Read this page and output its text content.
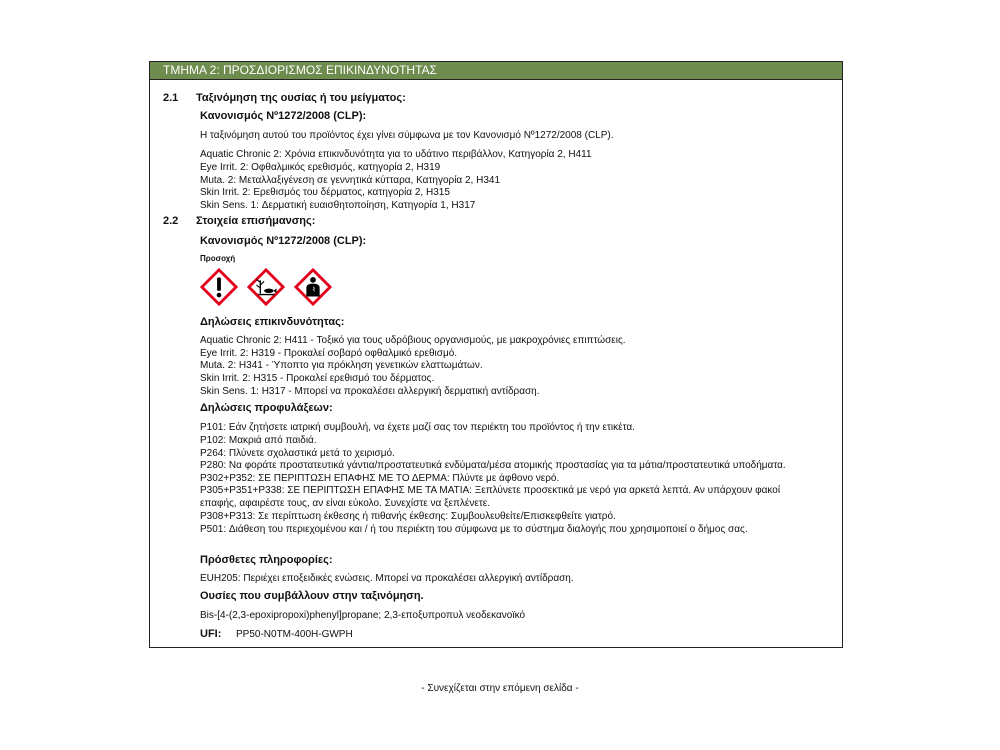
ΤΜΗΜΑ 2: ΠΡΟΣΔΙΟΡΙΣΜΟΣ ΕΠΙΚΙΝΔΥΝΟΤΗΤΑΣ
2.1 Ταξινόμηση της ουσίας ή του μείγματος:
Κανονισμός Nº1272/2008 (CLP):
Η ταξινόμηση αυτού του προϊόντος έχει γίνει σύμφωνα με τον Κανονισμό Nº1272/2008 (CLP).
Aquatic Chronic 2: Χρόνια επικινδυνότητα για το υδάτινο περιβάλλον, Κατηγορία 2, H411
Eye Irrit. 2: Οφθαλμικός ερεθισμός, κατηγορία 2, H319
Muta. 2: Μεταλλαξιγένεση σε γεννητικά κύτταρα, Κατηγορία 2, H341
Skin Irrit. 2: Ερεθισμός του δέρματος, κατηγορία 2, H315
Skin Sens. 1: Δερματική ευαισθητοποίηση, Κατηγορία 1, H317
2.2 Στοιχεία επισήμανσης:
Κανονισμός Nº1272/2008 (CLP):
Προσοχή
Δηλώσεις επικινδυνότητας:
Aquatic Chronic 2: H411 - Τοξικό για τους υδρόβιους οργανισμούς, με μακροχρόνιες επιπτώσεις.
Eye Irrit. 2: H319 - Προκαλεί σοβαρό οφθαλμικό ερεθισμό.
Muta. 2: H341 - Ύποπτο για πρόκληση γενετικών ελαττωμάτων.
Skin Irrit. 2: H315 - Προκαλεί ερεθισμό του δέρματος.
Skin Sens. 1: H317 - Μπορεί να προκαλέσει αλλεργική δερματική αντίδραση.
Δηλώσεις προφυλάξεων:
P101: Εάν ζητήσετε ιατρική συμβουλή, να έχετε μαζί σας τον περιέκτη του προϊόντος ή την ετικέτα.
P102: Μακριά από παιδιά.
P264: Πλύνετε σχολαστικά μετά το χειρισμό.
P280: Να φοράτε προστατευτικά γάντια/προστατευτικά ενδύματα/μέσα ατομικής προστασίας για τα μάτια/προστατευτικά υποδήματα.
P302+P352: ΣΕ ΠΕΡΙΠΤΩΣΗ ΕΠΑΦΗΣ ΜΕ ΤΟ ΔΕΡΜΑ: Πλύντε με άφθονο νερό.
P305+P351+P338: ΣΕ ΠΕΡΙΠΤΩΣΗ ΕΠΑΦΗΣ ΜΕ ΤΑ ΜΑΤΙΑ: Ξεπλύνετε προσεκτικά με νερό για αρκετά λεπτά. Αν υπάρχουν φακοί
επαφής, αφαιρέστε τους, αν είναι εύκολο. Συνεχίστε να ξεπλένετε.
P308+P313: Σε περίπτωση έκθεσης ή πιθανής έκθεσης: Συμβουλευθείτε/Επισκεφθείτε γιατρό.
P501: Διάθεση του περιεχομένου και / ή του περιέκτη του σύμφωνα με το σύστημα διαλογής που χρησιμοποιεί ο δήμος σας.
Πρόσθετες πληροφορίες:
EUH205: Περιέχει εποξειδικές ενώσεις. Μπορεί να προκαλέσει αλλεργική αντίδραση.
Ουσίες που συμβάλλουν στην ταξινόμηση.
Bis-[4-(2,3-epoxipropoxi)phenyl]propane; 2,3-εποξυπροπυλ νεοδεκανοϊκό
UFI: PP50-N0TM-400H-GWPH
- Συνεχίζεται στην επόμενη σελίδα -
